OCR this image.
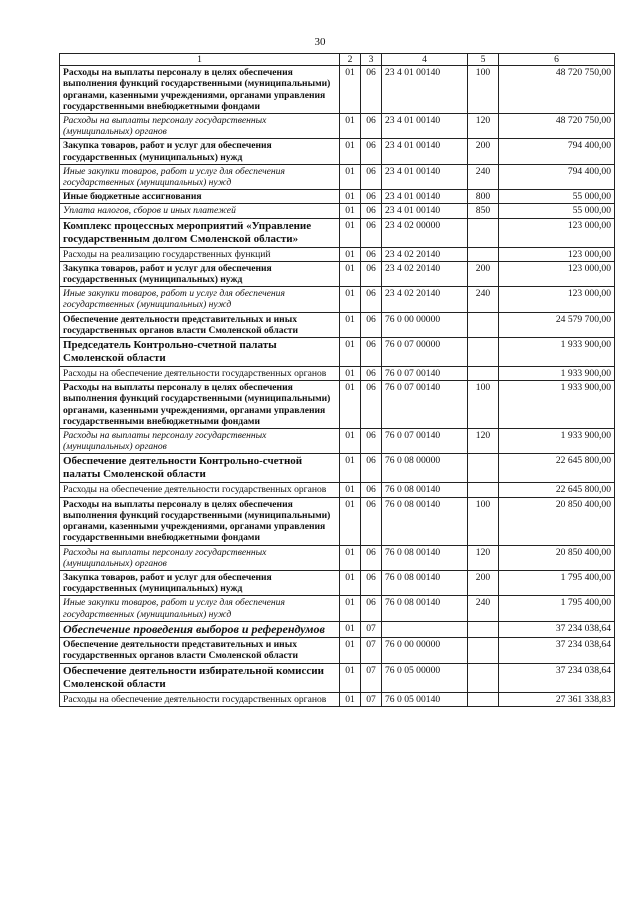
30
1	2	3	4	5	6
Расходы на выплаты персоналу в целях обеспечения выполнения функций государственными (муниципальными) органами, казенными учреждениями, органами управления государственными внебюджетными фондами	01	06	23 4 01 00140	100	48 720 750,00
Расходы на выплаты персоналу государственных (муниципальных) органов	01	06	23 4 01 00140	120	48 720 750,00
Закупка товаров, работ и услуг для обеспечения государственных (муниципальных) нужд	01	06	23 4 01 00140	200	794 400,00
Иные закупки товаров, работ и услуг для обеспечения государственных (муниципальных) нужд	01	06	23 4 01 00140	240	794 400,00
Иные бюджетные ассигнования	01	06	23 4 01 00140	800	55 000,00
Уплата налогов, сборов и иных платежей	01	06	23 4 01 00140	850	55 000,00
Комплекс процессных мероприятий «Управление государственным долгом Смоленской области»	01	06	23 4 02 00000		123 000,00
Расходы на реализацию государственных функций	01	06	23 4 02 20140		123 000,00
Закупка товаров, работ и услуг для обеспечения государственных (муниципальных) нужд	01	06	23 4 02 20140	200	123 000,00
Иные закупки товаров, работ и услуг для обеспечения государственных (муниципальных) нужд	01	06	23 4 02 20140	240	123 000,00
Обеспечение деятельности представительных и иных государственных органов власти Смоленской области	01	06	76 0 00 00000		24 579 700,00
Председатель Контрольно-счетной палаты Смоленской области	01	06	76 0 07 00000		1 933 900,00
Расходы на обеспечение деятельности государственных органов	01	06	76 0 07 00140		1 933 900,00
Расходы на выплаты персоналу в целях обеспечения выполнения функций государственными (муниципальными) органами, казенными учреждениями, органами управления государственными внебюджетными фондами	01	06	76 0 07 00140	100	1 933 900,00
Расходы на выплаты персоналу государственных (муниципальных) органов	01	06	76 0 07 00140	120	1 933 900,00
Обеспечение деятельности Контрольно-счетной палаты Смоленской области	01	06	76 0 08 00000		22 645 800,00
Расходы на обеспечение деятельности государственных органов	01	06	76 0 08 00140		22 645 800,00
Расходы на выплаты персоналу в целях обеспечения выполнения функций государственными (муниципальными) органами, казенными учреждениями, органами управления государственными внебюджетными фондами	01	06	76 0 08 00140	100	20 850 400,00
Расходы на выплаты персоналу государственных (муниципальных) органов	01	06	76 0 08 00140	120	20 850 400,00
Закупка товаров, работ и услуг для обеспечения государственных (муниципальных) нужд	01	06	76 0 08 00140	200	1 795 400,00
Иные закупки товаров, работ и услуг для обеспечения государственных (муниципальных) нужд	01	06	76 0 08 00140	240	1 795 400,00
Обеспечение проведения выборов и референдумов	01	07			37 234 038,64
Обеспечение деятельности представительных и иных государственных органов власти Смоленской области	01	07	76 0 00 00000		37 234 038,64
Обеспечение деятельности избирательной комиссии Смоленской области	01	07	76 0 05 00000		37 234 038,64
Расходы на обеспечение деятельности государственных органов	01	07	76 0 05 00140		27 361 338,83
